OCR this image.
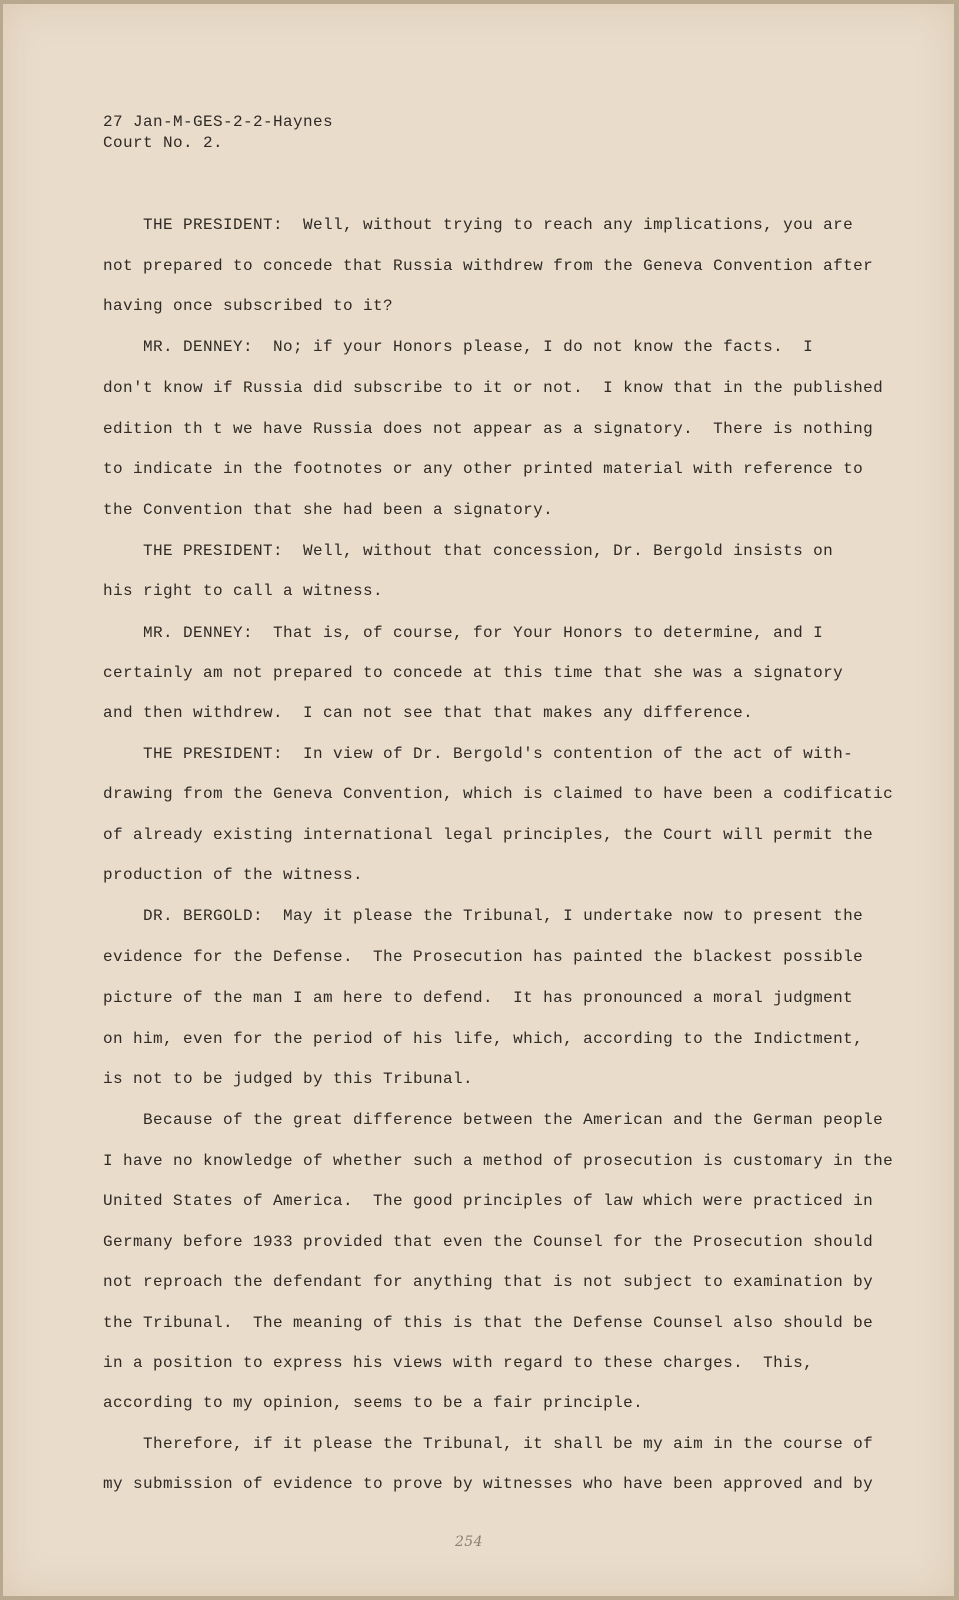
27 Jan-M-GES-2-2-Haynes
Court No. 2.
THE PRESIDENT:  Well, without trying to reach any implications, you are
not prepared to concede that Russia withdrew from the Geneva Convention after
having once subscribed to it?
MR. DENNEY:  No; if your Honors please, I do not know the facts.  I
don't know if Russia did subscribe to it or not.  I know that in the published
edition th t we have Russia does not appear as a signatory.  There is nothing
to indicate in the footnotes or any other printed material with reference to
the Convention that she had been a signatory.
THE PRESIDENT:  Well, without that concession, Dr. Bergold insists on
his right to call a witness.
MR. DENNEY:  That is, of course, for Your Honors to determine, and I
certainly am not prepared to concede at this time that she was a signatory
and then withdrew.  I can not see that that makes any difference.
THE PRESIDENT:  In view of Dr. Bergold's contention of the act of with-
drawing from the Geneva Convention, which is claimed to have been a codificatic
of already existing international legal principles, the Court will permit the
production of the witness.
DR. BERGOLD:  May it please the Tribunal, I undertake now to present the
evidence for the Defense.  The Prosecution has painted the blackest possible
picture of the man I am here to defend.  It has pronounced a moral judgment
on him, even for the period of his life, which, according to the Indictment,
is not to be judged by this Tribunal.
Because of the great difference between the American and the German people
I have no knowledge of whether such a method of prosecution is customary in the
United States of America.  The good principles of law which were practiced in
Germany before 1933 provided that even the Counsel for the Prosecution should
not reproach the defendant for anything that is not subject to examination by
the Tribunal.  The meaning of this is that the Defense Counsel also should be
in a position to express his views with regard to these charges.  This,
according to my opinion, seems to be a fair principle.
Therefore, if it please the Tribunal, it shall be my aim in the course of
my submission of evidence to prove by witnesses who have been approved and by
254
